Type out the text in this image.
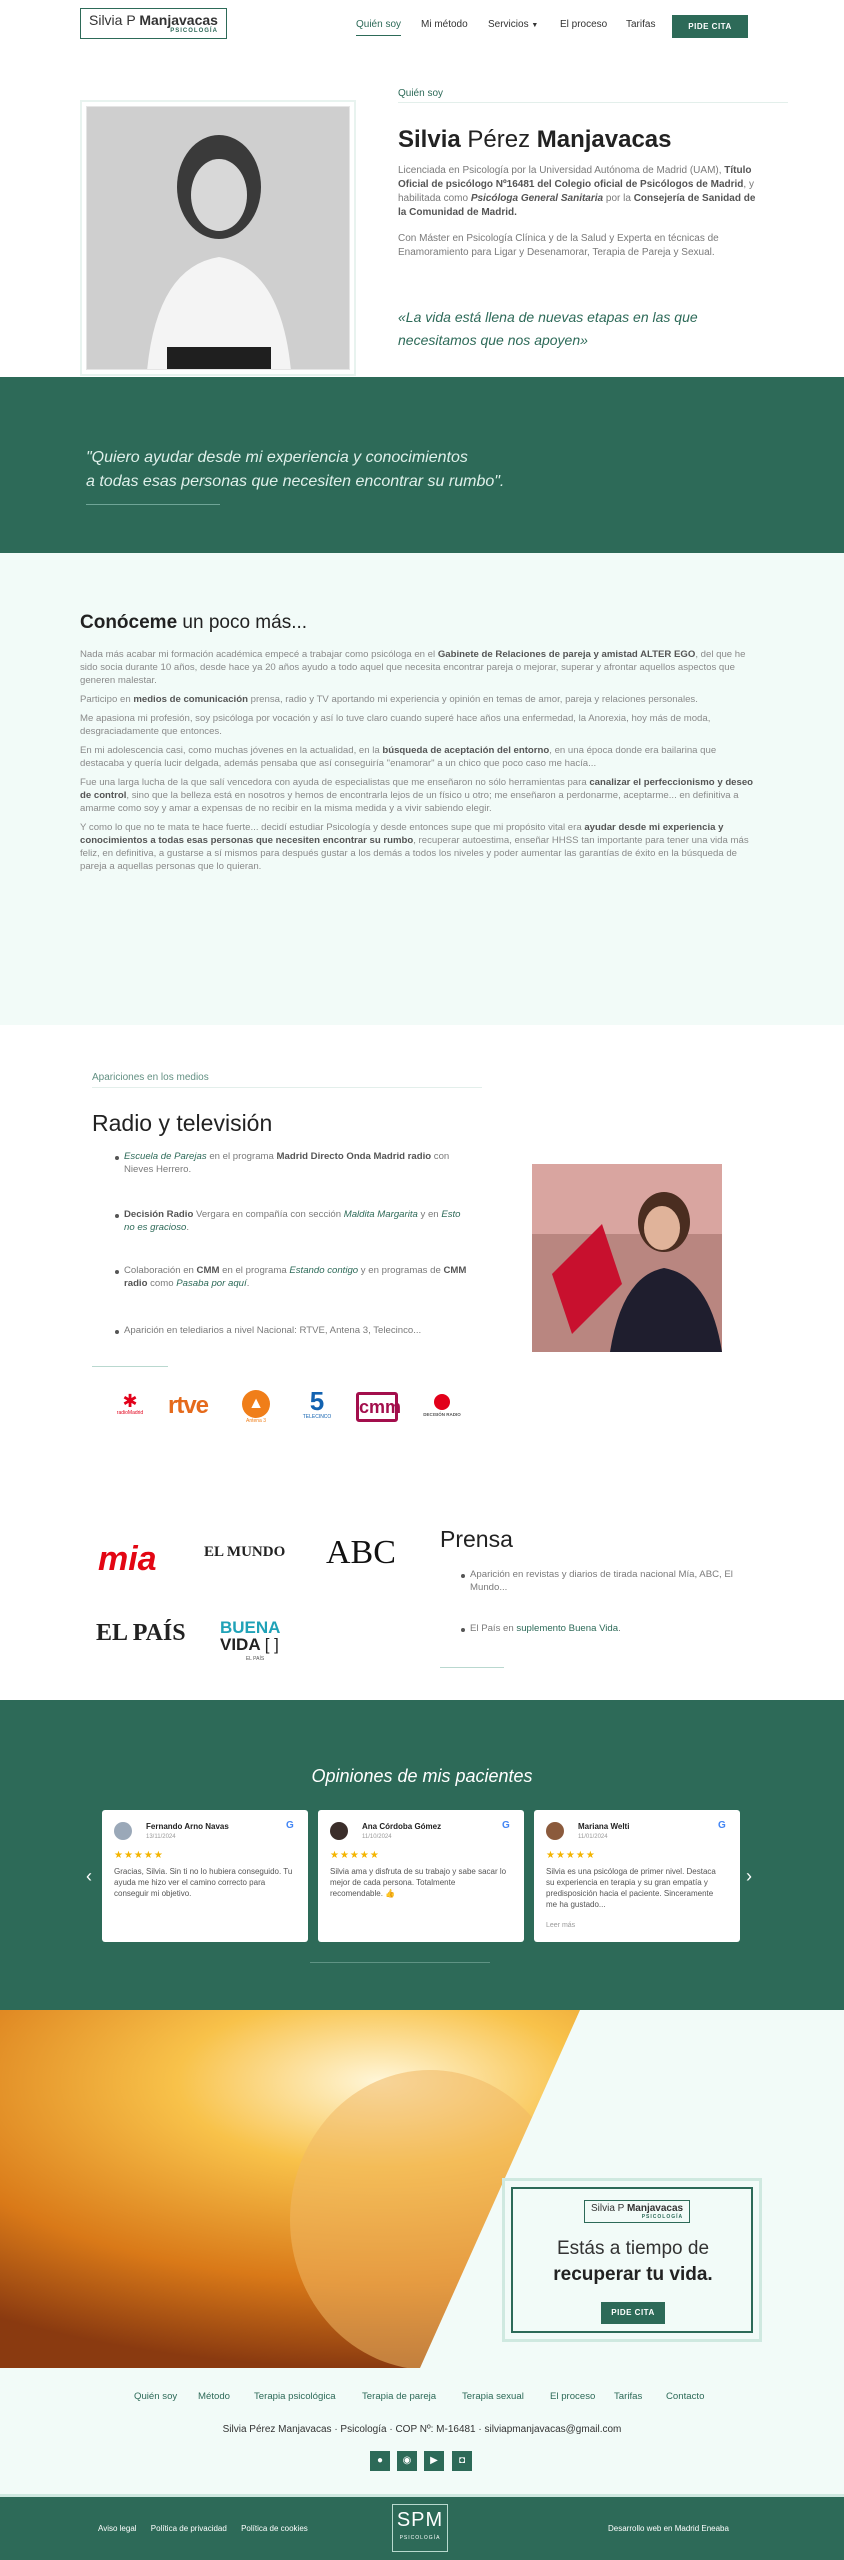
Silvia P Manjavacas
PSICOLOGÍA
Quién soy Mi método Servicios ▼ El proceso Tarifas	PIDE CITA
Quién soy
Silvia Pérez Manjavacas

Licenciada en Psicología por la Universidad Autónoma de Madrid (UAM), Título Oficial de psicólogo Nº16481 del Colegio oficial de Psicólogos de Madrid, y habilitada como Psicóloga General Sanitaria por la Consejería de Sanidad de la Comunidad de Madrid.

Con Máster en Psicología Clínica y de la Salud y Experta en técnicas de Enamoramiento para Ligar y Desenamorar, Terapia de Pareja y Sexual.

«La vida está llena de nuevas etapas en las que necesitamos que nos apoyen»

"Quiero ayudar desde mi experiencia y conocimientos
a todas esas personas que necesiten encontrar su rumbo".
Conóceme un poco más...

Nada más acabar mi formación académica empecé a trabajar como psicóloga en el Gabinete de Relaciones de pareja y amistad ALTER EGO, del que he sido socia durante 10 años, desde hace ya 20 años ayudo a todo aquel que necesita encontrar pareja o mejorar, superar y afrontar aquellos aspectos que generen malestar.

Participo en medios de comunicación prensa, radio y TV aportando mi experiencia y opinión en temas de amor, pareja y relaciones personales.

Me apasiona mi profesión, soy psicóloga por vocación y así lo tuve claro cuando superé hace años una enfermedad, la Anorexia, hoy más de moda, desgraciadamente que entonces.

En mi adolescencia casi, como muchas jóvenes en la actualidad, en la búsqueda de aceptación del entorno, en una época donde era bailarina que destacaba y quería lucir delgada, además pensaba que así conseguiría "enamorar" a un chico que poco caso me hacía...

Fue una larga lucha de la que salí vencedora con ayuda de especialistas que me enseñaron no sólo herramientas para canalizar el perfeccionismo y deseo de control, sino que la belleza está en nosotros y hemos de encontrarla lejos de un físico u otro; me enseñaron a perdonarme, aceptarme... en definitiva a amarme como soy y amar a expensas de no recibir en la misma medida y a vivir sabiendo elegir.

Y como lo que no te mata te hace fuerte... decidí estudiar Psicología y desde entonces supe que mi propósito vital era ayudar desde mi experiencia y conocimientos a todas esas personas que necesiten encontrar su rumbo, recuperar autoestima, enseñar HHSS tan importante para tener una vida más feliz, en definitiva, a gustarse a sí mismos para después gustar a los demás a todos los niveles y poder aumentar las garantías de éxito en la búsqueda de pareja a aquellas personas que lo quieran.

Apariciones en los medios
Radio y televisión

Escuela de Parejas en el programa Madrid Directo Onda Madrid radio con Nieves Herrero.

Decisión Radio Vergara en compañía con sección Maldita Margarita y en Esto no es gracioso.

Colaboración en CMM en el programa Estando contigo y en programas de CMM radio como Pasaba por aquí.

Aparición en telediarios a nivel Nacional: RTVE, Antena 3, Telecinco...

✱
radioMadrid rtve	▲
Antena 3
5
TELECINCO	cmm	DECISIÓN RADIO
mia	EL MUNDO ABC
EL PAÍS BUENA
VIDA [ ]
EL PAÍS
Prensa

Aparición en revistas y diarios de tirada nacional Mía, ABC, El Mundo...

El País en suplemento Buena Vida.

Opiniones de mis pacientes
‹	›
Fernando Arno Navas
13/11/2024
G
★★★★★

Gracias, Silvia. Sin ti no lo hubiera conseguido. Tu ayuda me hizo ver el camino correcto para conseguir mi objetivo.

Ana Córdoba Gómez
11/10/2024
G
★★★★★

Silvia ama y disfruta de su trabajo y sabe sacar lo mejor de cada persona. Totalmente recomendable. 👍

Mariana Welti
11/01/2024
G
★★★★★

Silvia es una psicóloga de primer nivel. Destaca su experiencia en terapia y su gran empatía y predisposición hacia el paciente. Sinceramente me ha gustado...

Leer más
Silvia P Manjavacas
PSICOLOGÍA
Estás a tiempo de
recuperar tu vida.
PIDE CITA
Quién soy Método	Terapia psicológica	Terapia de pareja	Terapia sexual	El proceso Tarifas Contacto
Silvia Pérez Manjavacas · Psicología · COP Nº: M-16481 · silviapmanjavacas@gmail.com
●	◉	▶	◘
Aviso legal Política de privacidad Política de cookies	SPM
PSICOLOGÍA
Desarrollo web en Madrid Eneaba
